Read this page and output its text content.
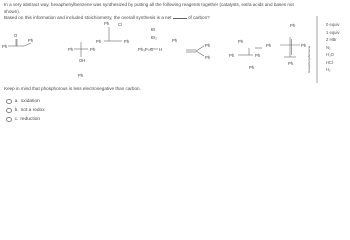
In a very abstract way, hexaphenylbenzene was synthesized by putting all the following reagents together (catalysts, extra acids and bases not shown).
Based on this information and included stoichiometry, the overall synthesis is a net	of carbon?
Ph
O
Ph
Ph	Ph
OH
Ph
Ph Cl
Ph	Ph
Br
Br₂
Ph₃P=C H
Ph
Ph
Ph
Ph
Ph	Ph
Ph
Ph
Ph	Ph
Ph	Hexaphenylbenzene
0 equiv
1 equiv
2 HBr
N₂
H₂O
HCl
H₂
Keep in mind that phosphorous is less electronegative than carbon.
a. oxidation
b. not a redox
c. reduction
